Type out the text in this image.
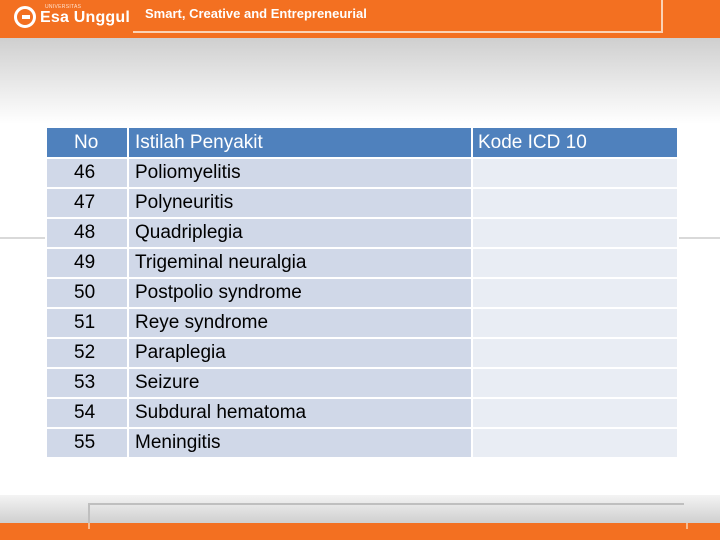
UNIVERSITAS
Esa Unggul Smart, Creative and Entrepreneurial
No	Istilah Penyakit	Kode ICD 10
46	Poliomyelitis	
47	Polyneuritis	
48	Quadriplegia	
49	Trigeminal neuralgia	
50	Postpolio syndrome	
51	Reye syndrome	
52	Paraplegia	
53	Seizure	
54	Subdural hematoma	
55	Meningitis	
